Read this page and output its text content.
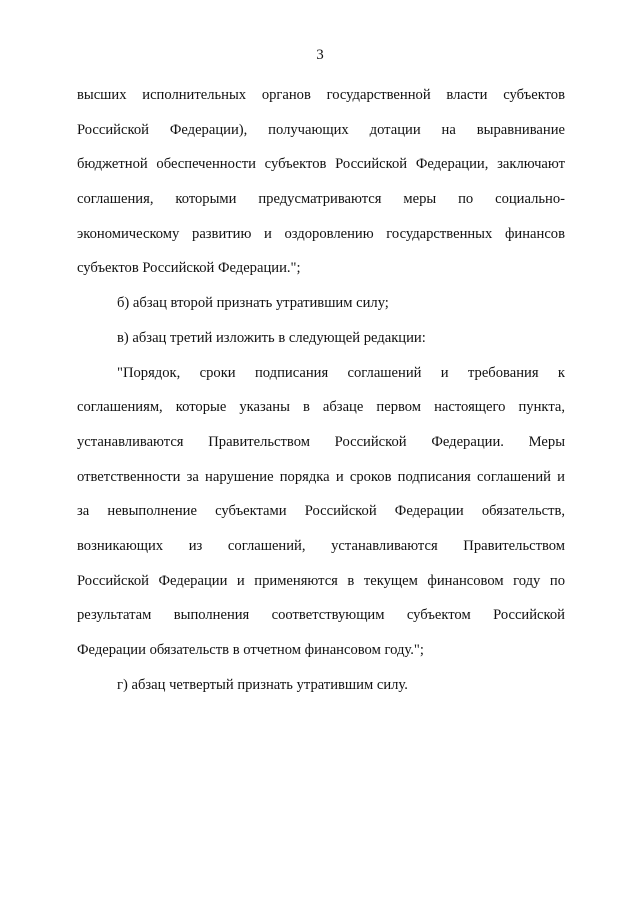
3
высших исполнительных органов государственной власти субъектов
Российской Федерации), получающих дотации на выравнивание
бюджетной обеспеченности субъектов Российской Федерации, заключают
соглашения, которыми предусматриваются меры по социально-
экономическому развитию и оздоровлению государственных финансов
субъектов Российской Федерации.";
б) абзац второй признать утратившим силу;
в) абзац третий изложить в следующей редакции:
"Порядок, сроки подписания соглашений и требования к
соглашениям, которые указаны в абзаце первом настоящего пункта,
устанавливаются Правительством Российской Федерации. Меры
ответственности за нарушение порядка и сроков подписания соглашений и
за невыполнение субъектами Российской Федерации обязательств,
возникающих из соглашений, устанавливаются Правительством
Российской Федерации и применяются в текущем финансовом году по
результатам выполнения соответствующим субъектом Российской
Федерации обязательств в отчетном финансовом году.";
г) абзац четвертый признать утратившим силу.
